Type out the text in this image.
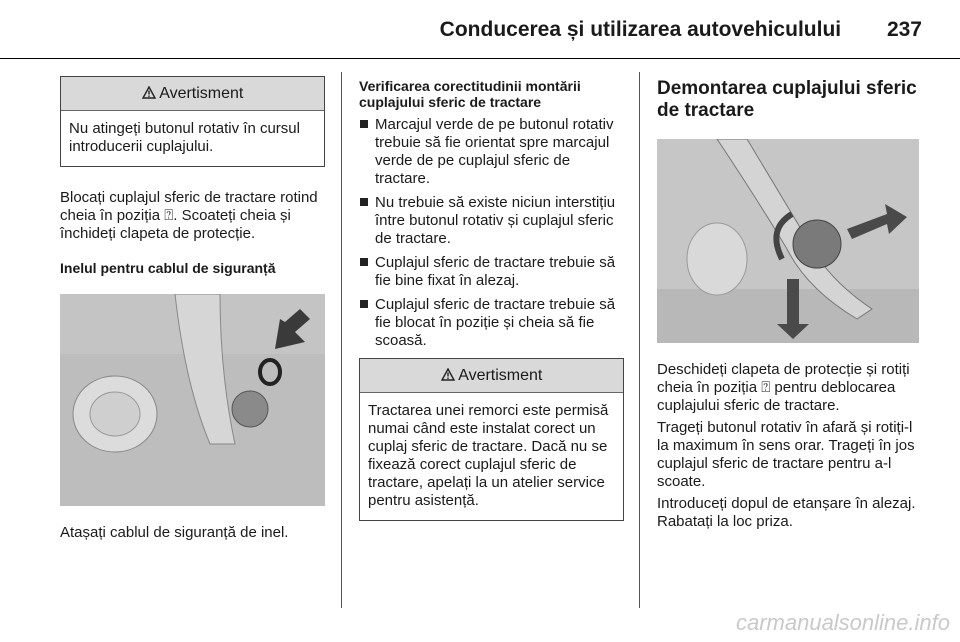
Conducerea și utilizarea autovehiculului 237
Avertisment
Nu atingeți butonul rotativ în cursul introducerii cuplajului.

Blocați cuplajul sferic de tractare rotind cheia în poziția ⍰. Scoateți cheia și închideți clapeta de protecție.

Inelul pentru cablul de siguranță

Atașați cablul de siguranță de inel.

Verificarea corectitudinii montării cuplajului sferic de tractare

Marcajul verde de pe butonul rotativ trebuie să fie orientat spre marcajul verde de pe cuplajul sferic de tractare.
Nu trebuie să existe niciun interstițiu între butonul rotativ și cuplajul sferic de tractare.
Cuplajul sferic de tractare trebuie să fie bine fixat în alezaj.
Cuplajul sferic de tractare trebuie să fie blocat în poziție și cheia să fie scoasă.
Avertisment
Tractarea unei remorci este permisă numai când este instalat corect un cuplaj sferic de tractare. Dacă nu se fixează corect cuplajul sferic de tractare, apelați la un atelier service pentru asistență.
Demontarea cuplajului sferic de tractare

Deschideți clapeta de protecție și rotiți cheia în poziția ⍰ pentru deblocarea cuplajului sferic de tractare.

Trageți butonul rotativ în afară și rotiți-l la maximum în sens orar. Trageți în jos cuplajul sferic de tractare pentru a-l scoate.

Introduceți dopul de etanșare în alezaj. Rabatați la loc priza.

carmanualsonline.info
